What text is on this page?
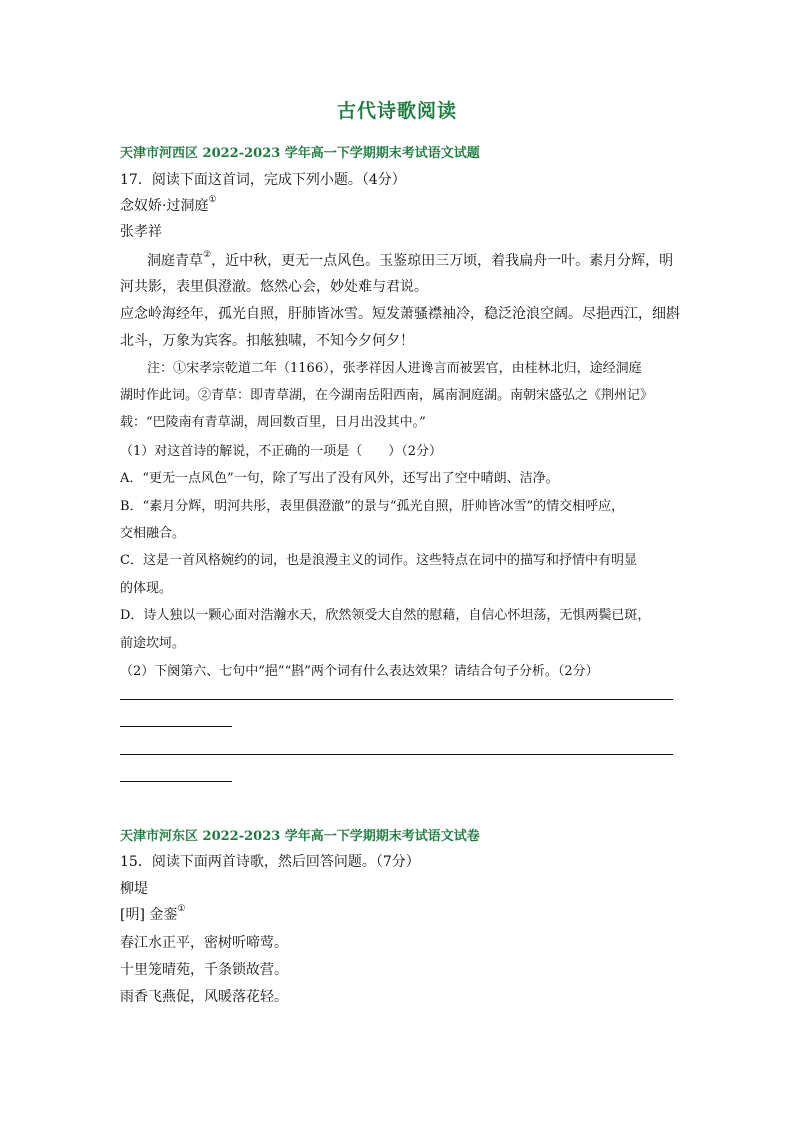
古代诗歌阅读
天津市河西区 2022-2023 学年高一下学期期末考试语文试题
17．阅读下面这首词，完成下列小题。（4分）
念奴娇·过洞庭①
张孝祥
洞庭青草②，近中秋，更无一点风色。玉鉴琼田三万顷，着我扁舟一叶。素月分辉，明
河共影，表里俱澄澈。悠然心会，妙处难与君说。
应念岭海经年，孤光自照，肝肺皆冰雪。短发萧骚襟袖冷，稳泛沧浪空阔。尽挹西江，细斟
北斗，万象为宾客。扣舷独啸，不知今夕何夕！
注：①宋孝宗乾道二年（1166），张孝祥因人进谗言而被罢官，由桂林北归，途经洞庭
湖时作此词。②青草：即青草湖，在今湖南岳阳西南，属南洞庭湖。南朝宋盛弘之《荆州记》
载：“巴陵南有青草湖，周回数百里，日月出没其中。”
（1）对这首诗的解说，不正确的一项是（ ）（2分）
A．“更无一点风色”一句，除了写出了没有风外，还写出了空中晴朗、洁净。
B．“素月分辉，明河共彤，表里俱澄澈”的景与“孤光自照，肝帅皆冰雪”的情交相呼应，
交相融合。
C．这是一首风格婉约的词，也是浪漫主义的词作。这些特点在词中的描写和抒情中有明显
的体现。
D．诗人独以一颗心面对浩瀚水天，欣然领受大自然的慰藉，自信心怀坦荡，无惧两鬓已斑，
前途坎坷。
（2）下阕第六、七句中“挹”“斟”两个词有什么表达效果？请结合句子分析。（2分）
天津市河东区 2022-2023 学年高一下学期期末考试语文试卷
15．阅读下面两首诗歌，然后回答问题。（7分）
柳堤
[明] 金銮①
春江水正平，密树听啼莺。
十里笼晴苑，千条锁故营。
雨香飞燕促，风暖落花轻。
